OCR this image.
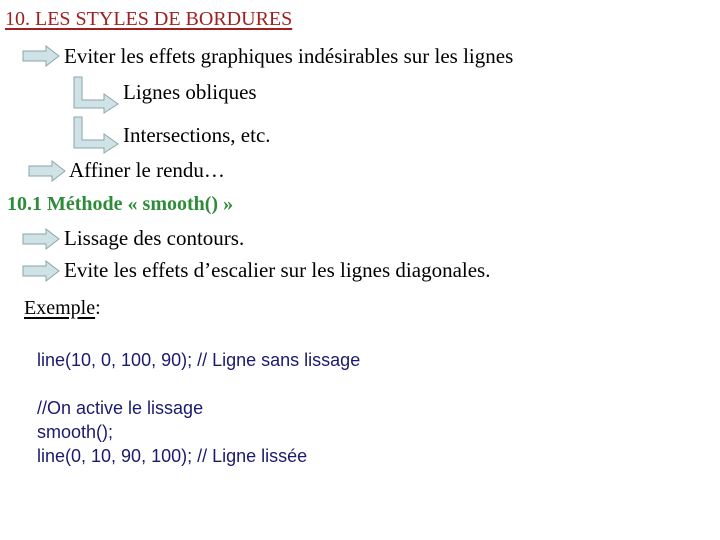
10. LES STYLES DE BORDURES
Eviter les effets graphiques indésirables sur les lignes
Lignes obliques
Intersections, etc.
Affiner le rendu…
10.1 Méthode « smooth() »
Lissage des contours.
Evite les effets d’escalier sur les lignes diagonales.
Exemple:
line(10, 0, 100, 90); // Ligne sans lissage
//On active le lissage
smooth();
line(0, 10, 90, 100); // Ligne lissée
